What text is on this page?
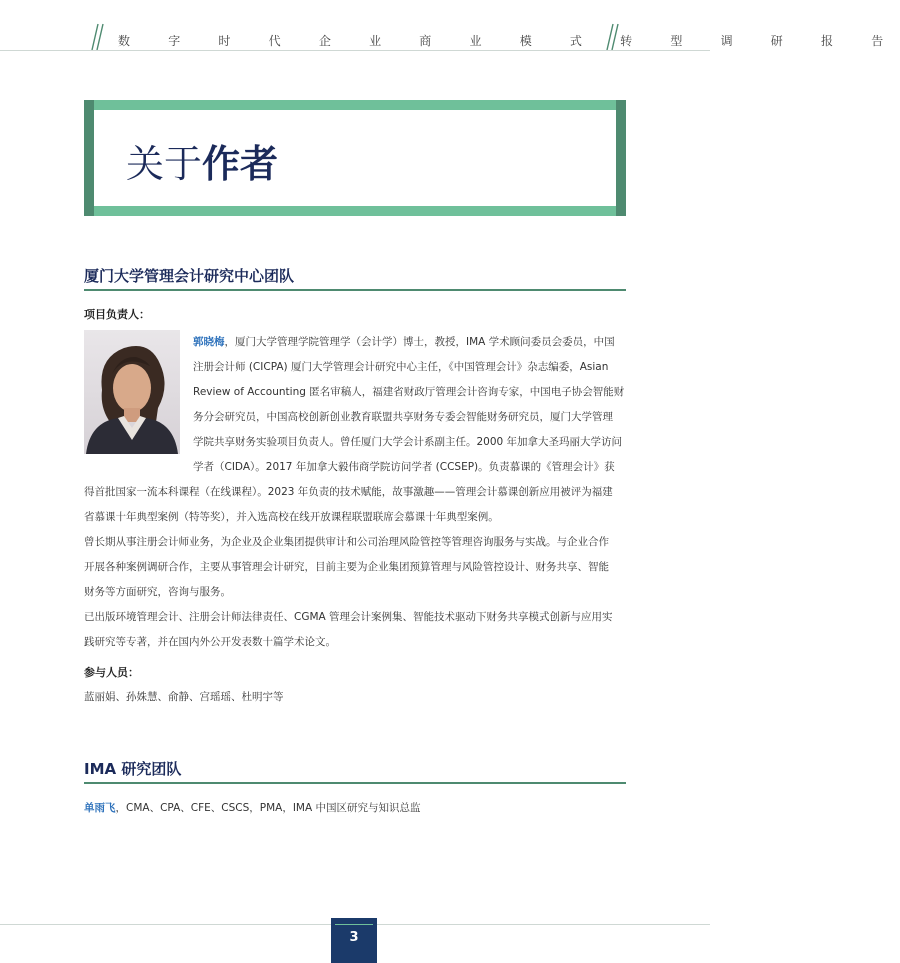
数 字 时 代 企 业 商 业 模 式 转 型 调 研 报 告
关于作者
厦门大学管理会计研究中心团队
项目负责人：
郭晓梅，厦门大学管理学院管理学（会计学）博士，教授，IMA 学术顾问委员会委员，中国
注册会计师 (CICPA) 厦门大学管理会计研究中心主任，《中国管理会计》杂志编委，Asian
Review of Accounting 匿名审稿人，福建省财政厅管理会计咨询专家，中国电子协会智能财
务分会研究员，中国高校创新创业教育联盟共享财务专委会智能财务研究员，厦门大学管理
学院共享财务实验项目负责人。曾任厦门大学会计系副主任。2000 年加拿大圣玛丽大学访问
学者（CIDA）。2017 年加拿大毅伟商学院访问学者 (CCSEP)。负责慕课的《管理会计》获
得首批国家一流本科课程（在线课程）。2023 年负责的技术赋能，故事激趣——管理会计慕课创新应用被评为福建
省慕课十年典型案例（特等奖），并入选高校在线开放课程联盟联席会慕课十年典型案例。
曾长期从事注册会计师业务，为企业及企业集团提供审计和公司治理风险管控等管理咨询服务与实战。与企业合作
开展各种案例调研合作，主要从事管理会计研究，目前主要为企业集团预算管理与风险管控设计、财务共享、智能
财务等方面研究，咨询与服务。
已出版环境管理会计、注册会计师法律责任、CGMA 管理会计案例集、智能技术驱动下财务共享模式创新与应用实
践研究等专著，并在国内外公开发表数十篇学术论文。
参与人员：
蓝丽娟、孙姝慧、俞静、宫瑶瑶、杜明宇等
IMA 研究团队
单雨飞，CMA、CPA、CFE、CSCS，PMA，IMA 中国区研究与知识总监
3
